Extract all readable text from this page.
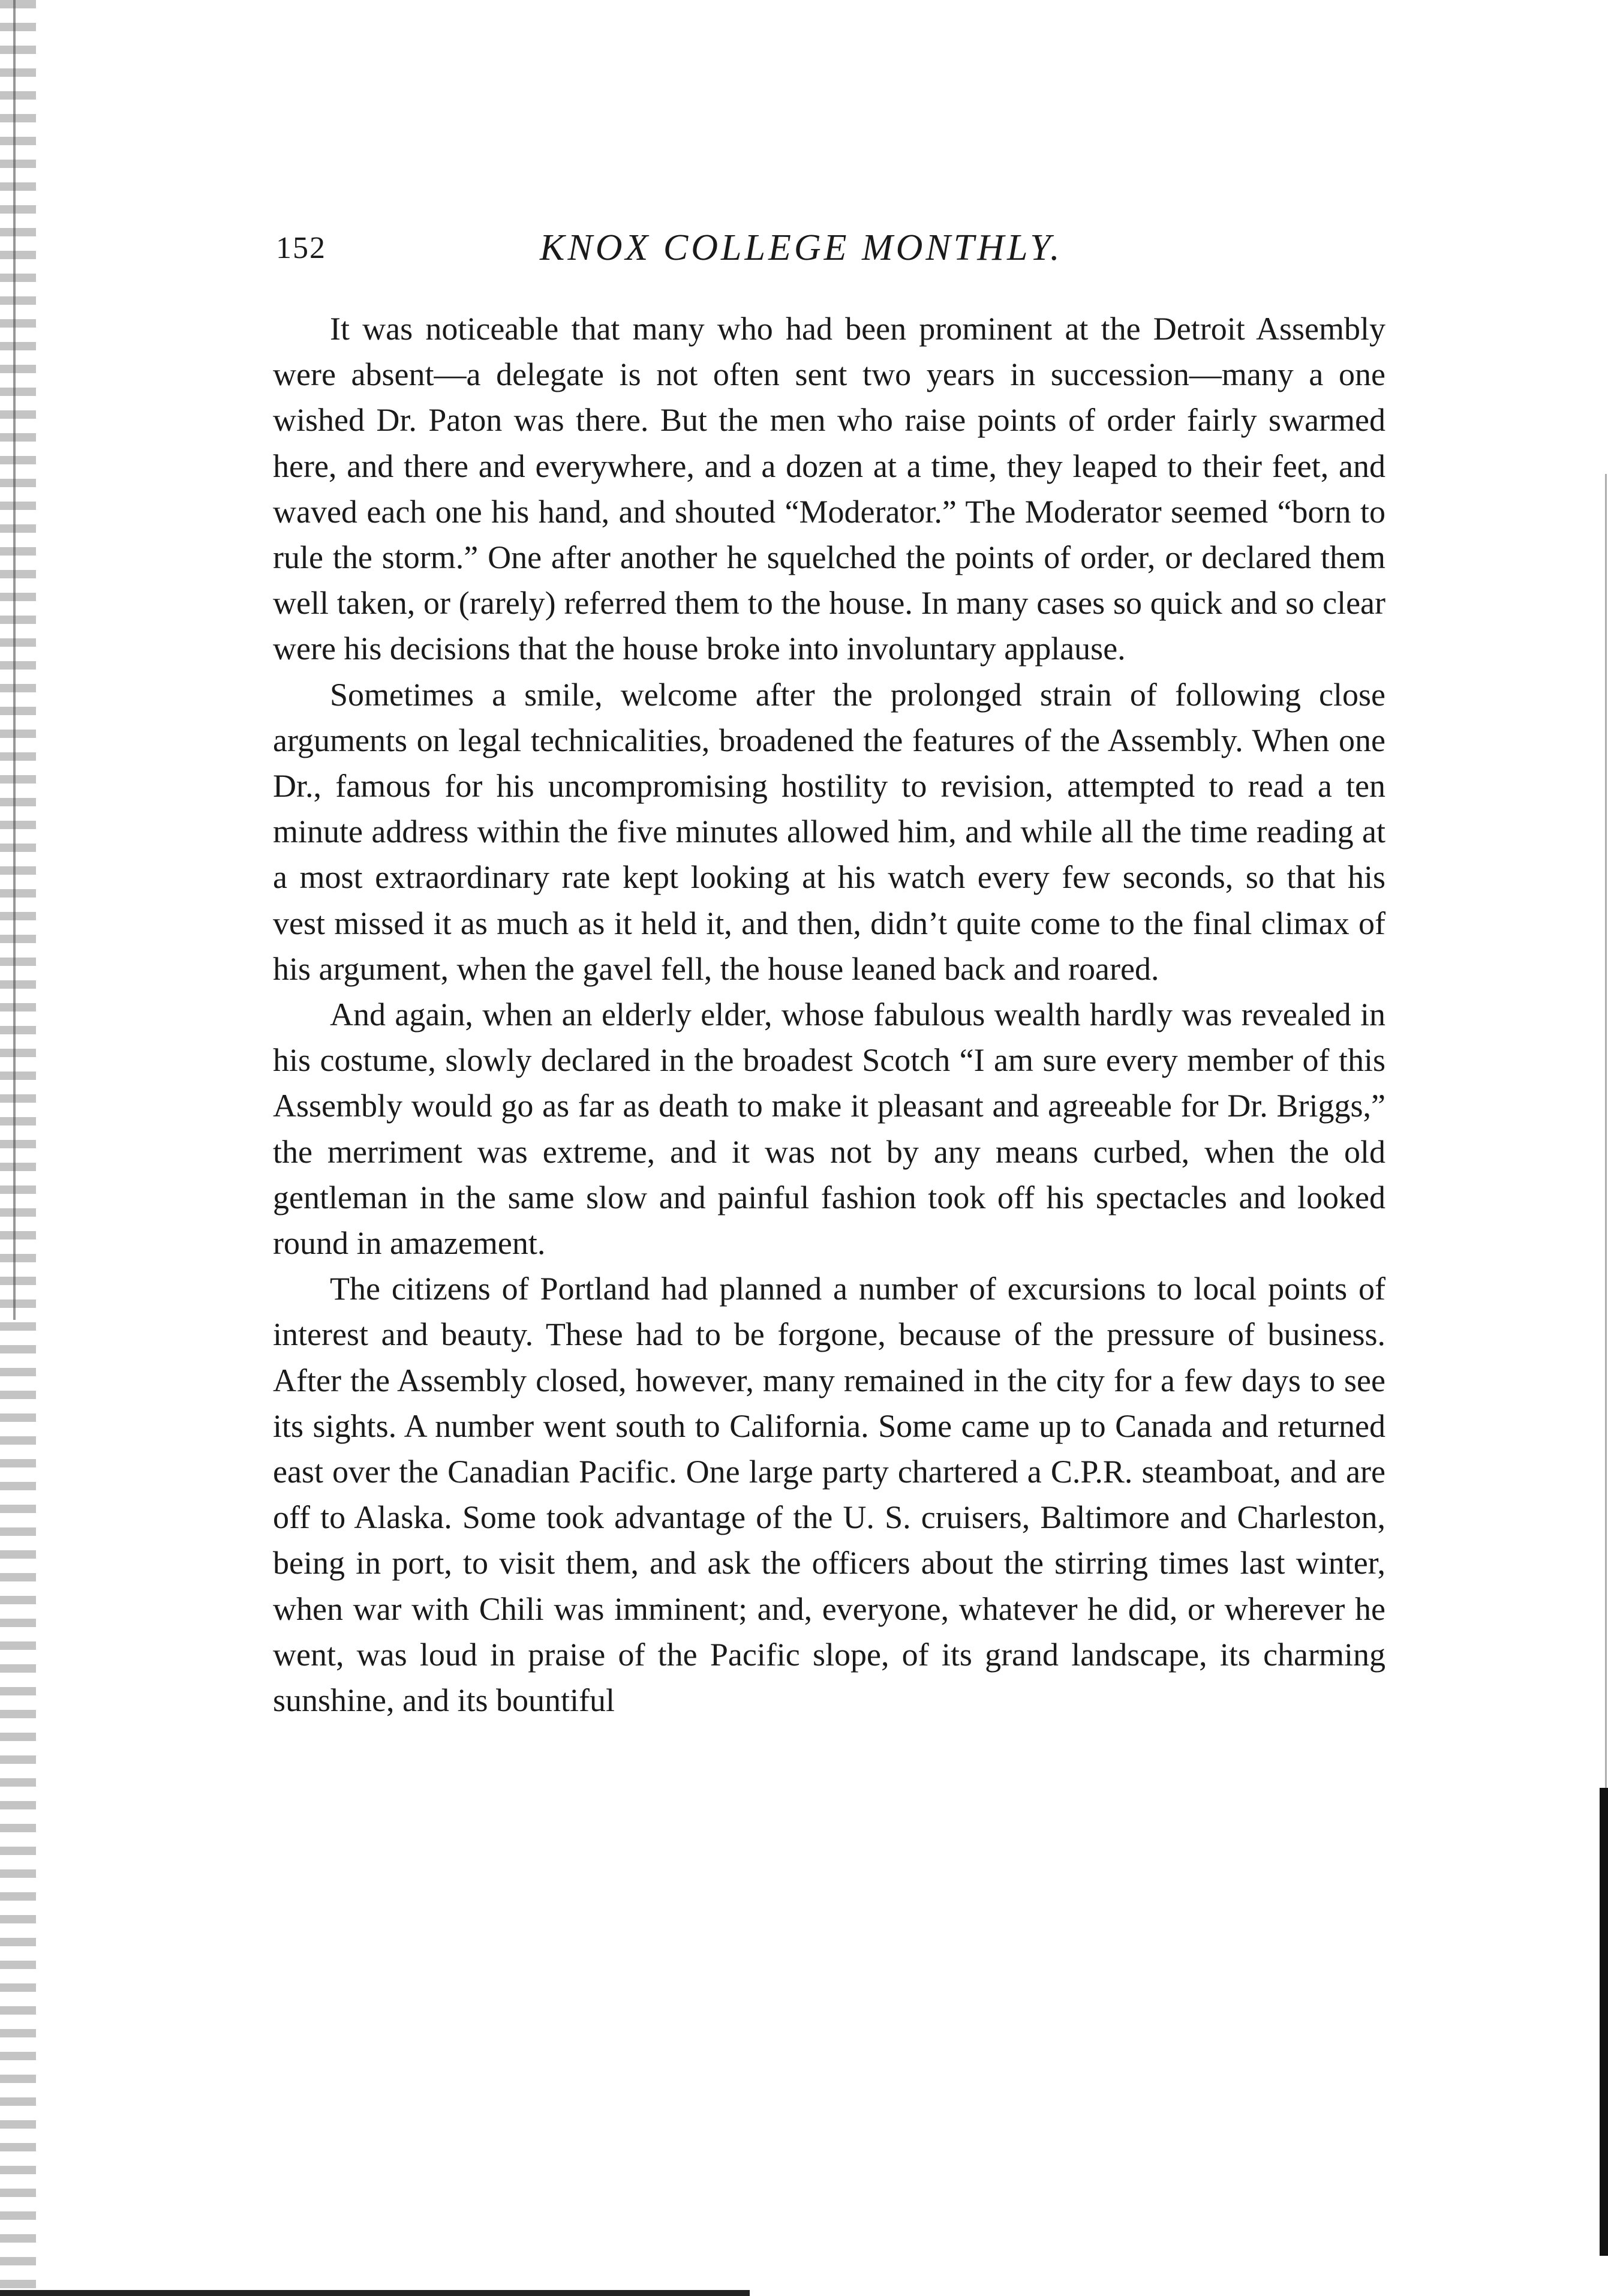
152	KNOX COLLEGE MONTHLY.

It was noticeable that many who had been prominent at the Detroit Assembly were absent—a delegate is not often sent two years in succession—many a one wished Dr. Paton was there. But the men who raise points of order fairly swarmed here, and there and everywhere, and a dozen at a time, they leaped to their feet, and waved each one his hand, and shouted “Moderator.” The Moderator seemed “born to rule the storm.” One after another he squelched the points of order, or declared them well taken, or (rarely) referred them to the house. In many cases so quick and so clear were his decisions that the house broke into involuntary applause.

Sometimes a smile, welcome after the prolonged strain of following close arguments on legal technicalities, broadened the features of the Assembly. When one Dr., famous for his uncompromising hostility to revision, attempted to read a ten minute address within the five minutes allowed him, and while all the time reading at a most extraordinary rate kept looking at his watch every few seconds, so that his vest missed it as much as it held it, and then, didn’t quite come to the final climax of his argument, when the gavel fell, the house leaned back and roared.

And again, when an elderly elder, whose fabulous wealth hardly was revealed in his costume, slowly declared in the broadest Scotch “I am sure every member of this Assembly would go as far as death to make it pleasant and agreeable for Dr. Briggs,” the merriment was extreme, and it was not by any means curbed, when the old gentleman in the same slow and painful fashion took off his spectacles and looked round in amazement.

The citizens of Portland had planned a number of excursions to local points of interest and beauty. These had to be forgone, because of the pressure of business. After the Assembly closed, however, many remained in the city for a few days to see its sights. A number went south to California. Some came up to Canada and returned east over the Canadian Pacific. One large party chartered a C.P.R. steamboat, and are off to Alaska. Some took advantage of the U. S. cruisers, Baltimore and Charleston, being in port, to visit them, and ask the officers about the stirring times last winter, when war with Chili was imminent; and, everyone, whatever he did, or wherever he went, was loud in praise of the Pacific slope, of its grand landscape, its charming sunshine, and its bountiful
